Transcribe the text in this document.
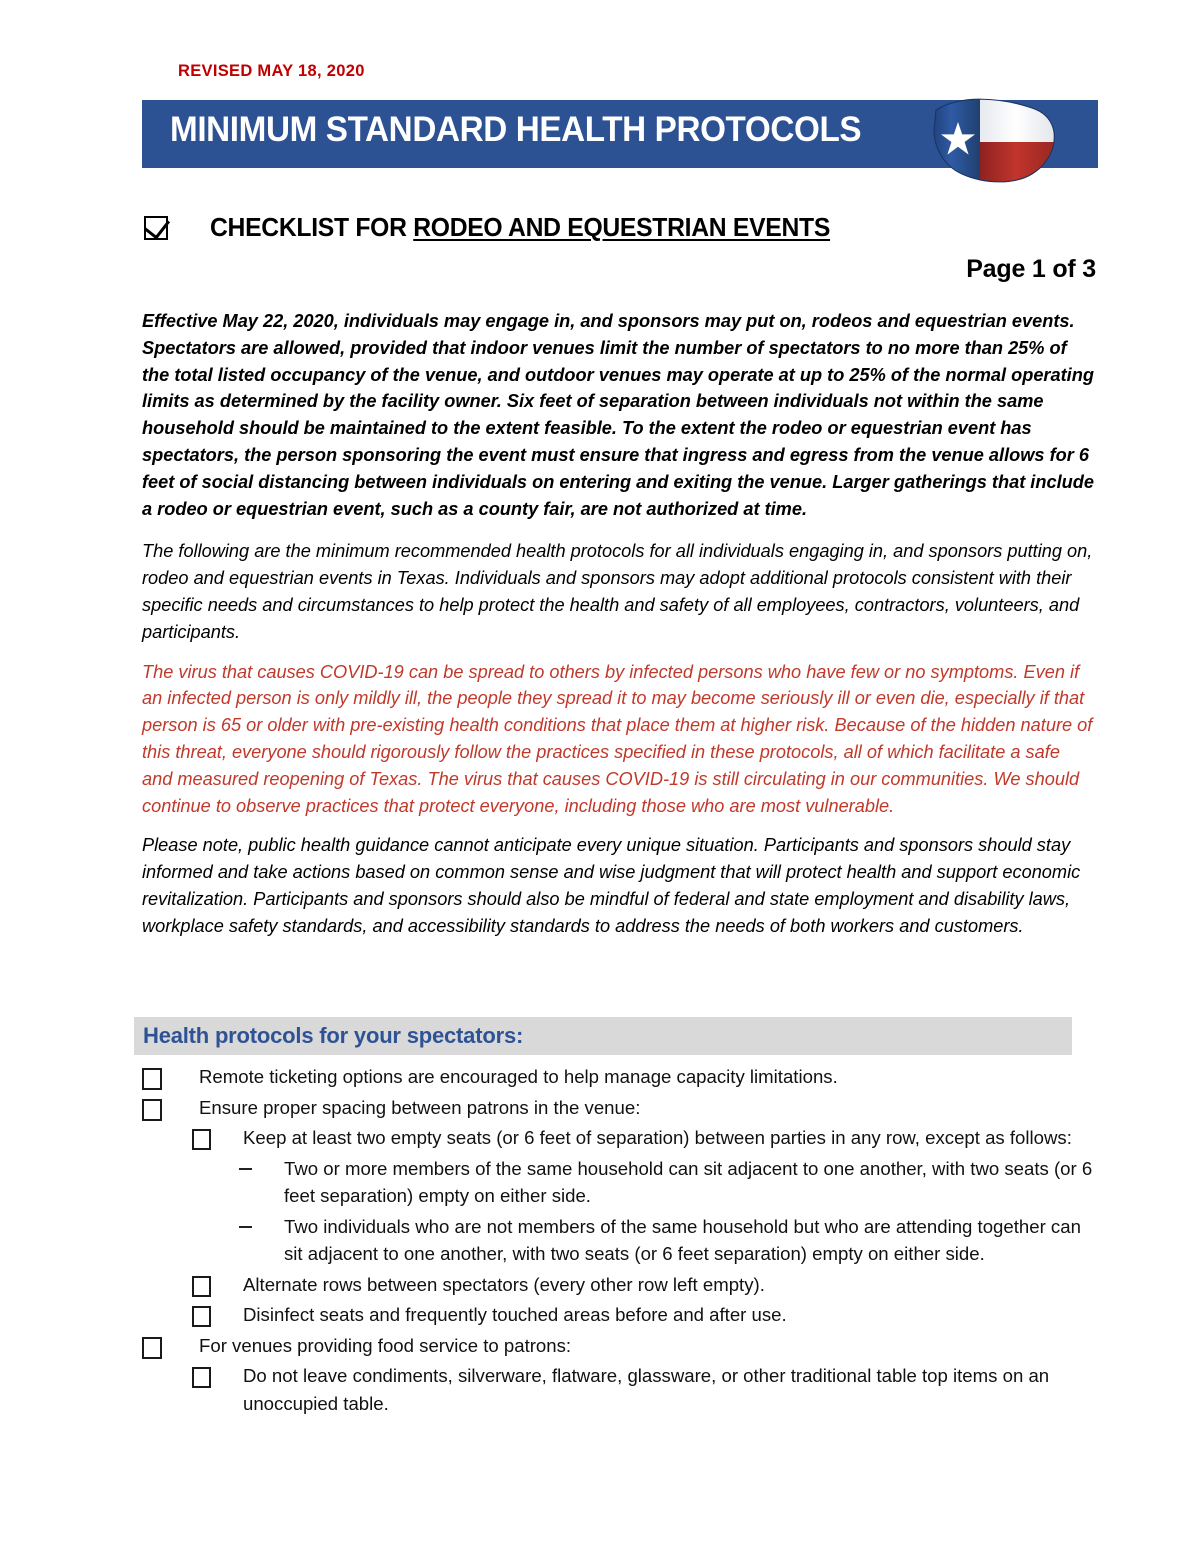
REVISED MAY 18, 2020
MINIMUM STANDARD HEALTH PROTOCOLS
CHECKLIST FOR RODEO AND EQUESTRIAN EVENTS
Page 1 of 3

Effective May 22, 2020, individuals may engage in, and sponsors may put on, rodeos and equestrian events. Spectators are allowed, provided that indoor venues limit the number of spectators to no more than 25% of the total listed occupancy of the venue, and outdoor venues may operate at up to 25% of the normal operating limits as determined by the facility owner. Six feet of separation between individuals not within the same household should be maintained to the extent feasible. To the extent the rodeo or equestrian event has spectators, the person sponsoring the event must ensure that ingress and egress from the venue allows for 6 feet of social distancing between individuals on entering and exiting the venue. Larger gatherings that include a rodeo or equestrian event, such as a county fair, are not authorized at time.

The following are the minimum recommended health protocols for all individuals engaging in, and sponsors putting on, rodeo and equestrian events in Texas. Individuals and sponsors may adopt additional protocols consistent with their specific needs and circumstances to help protect the health and safety of all employees, contractors, volunteers, and participants.

The virus that causes COVID-19 can be spread to others by infected persons who have few or no symptoms. Even if an infected person is only mildly ill, the people they spread it to may become seriously ill or even die, especially if that person is 65 or older with pre-existing health conditions that place them at higher risk. Because of the hidden nature of this threat, everyone should rigorously follow the practices specified in these protocols, all of which facilitate a safe and measured reopening of Texas. The virus that causes COVID-19 is still circulating in our communities. We should continue to observe practices that protect everyone, including those who are most vulnerable.

Please note, public health guidance cannot anticipate every unique situation. Participants and sponsors should stay informed and take actions based on common sense and wise judgment that will protect health and support economic revitalization. Participants and sponsors should also be mindful of federal and state employment and disability laws, workplace safety standards, and accessibility standards to address the needs of both workers and customers.

Health protocols for your spectators:
Remote ticketing options are encouraged to help manage capacity limitations.
Ensure proper spacing between patrons in the venue:
Keep at least two empty seats (or 6 feet of separation) between parties in any row, except as follows:
Two or more members of the same household can sit adjacent to one another, with two seats (or 6 feet separation) empty on either side.
Two individuals who are not members of the same household but who are attending together can sit adjacent to one another, with two seats (or 6 feet separation) empty on either side.
Alternate rows between spectators (every other row left empty).
Disinfect seats and frequently touched areas before and after use.
For venues providing food service to patrons:
Do not leave condiments, silverware, flatware, glassware, or other traditional table top items on an unoccupied table.
